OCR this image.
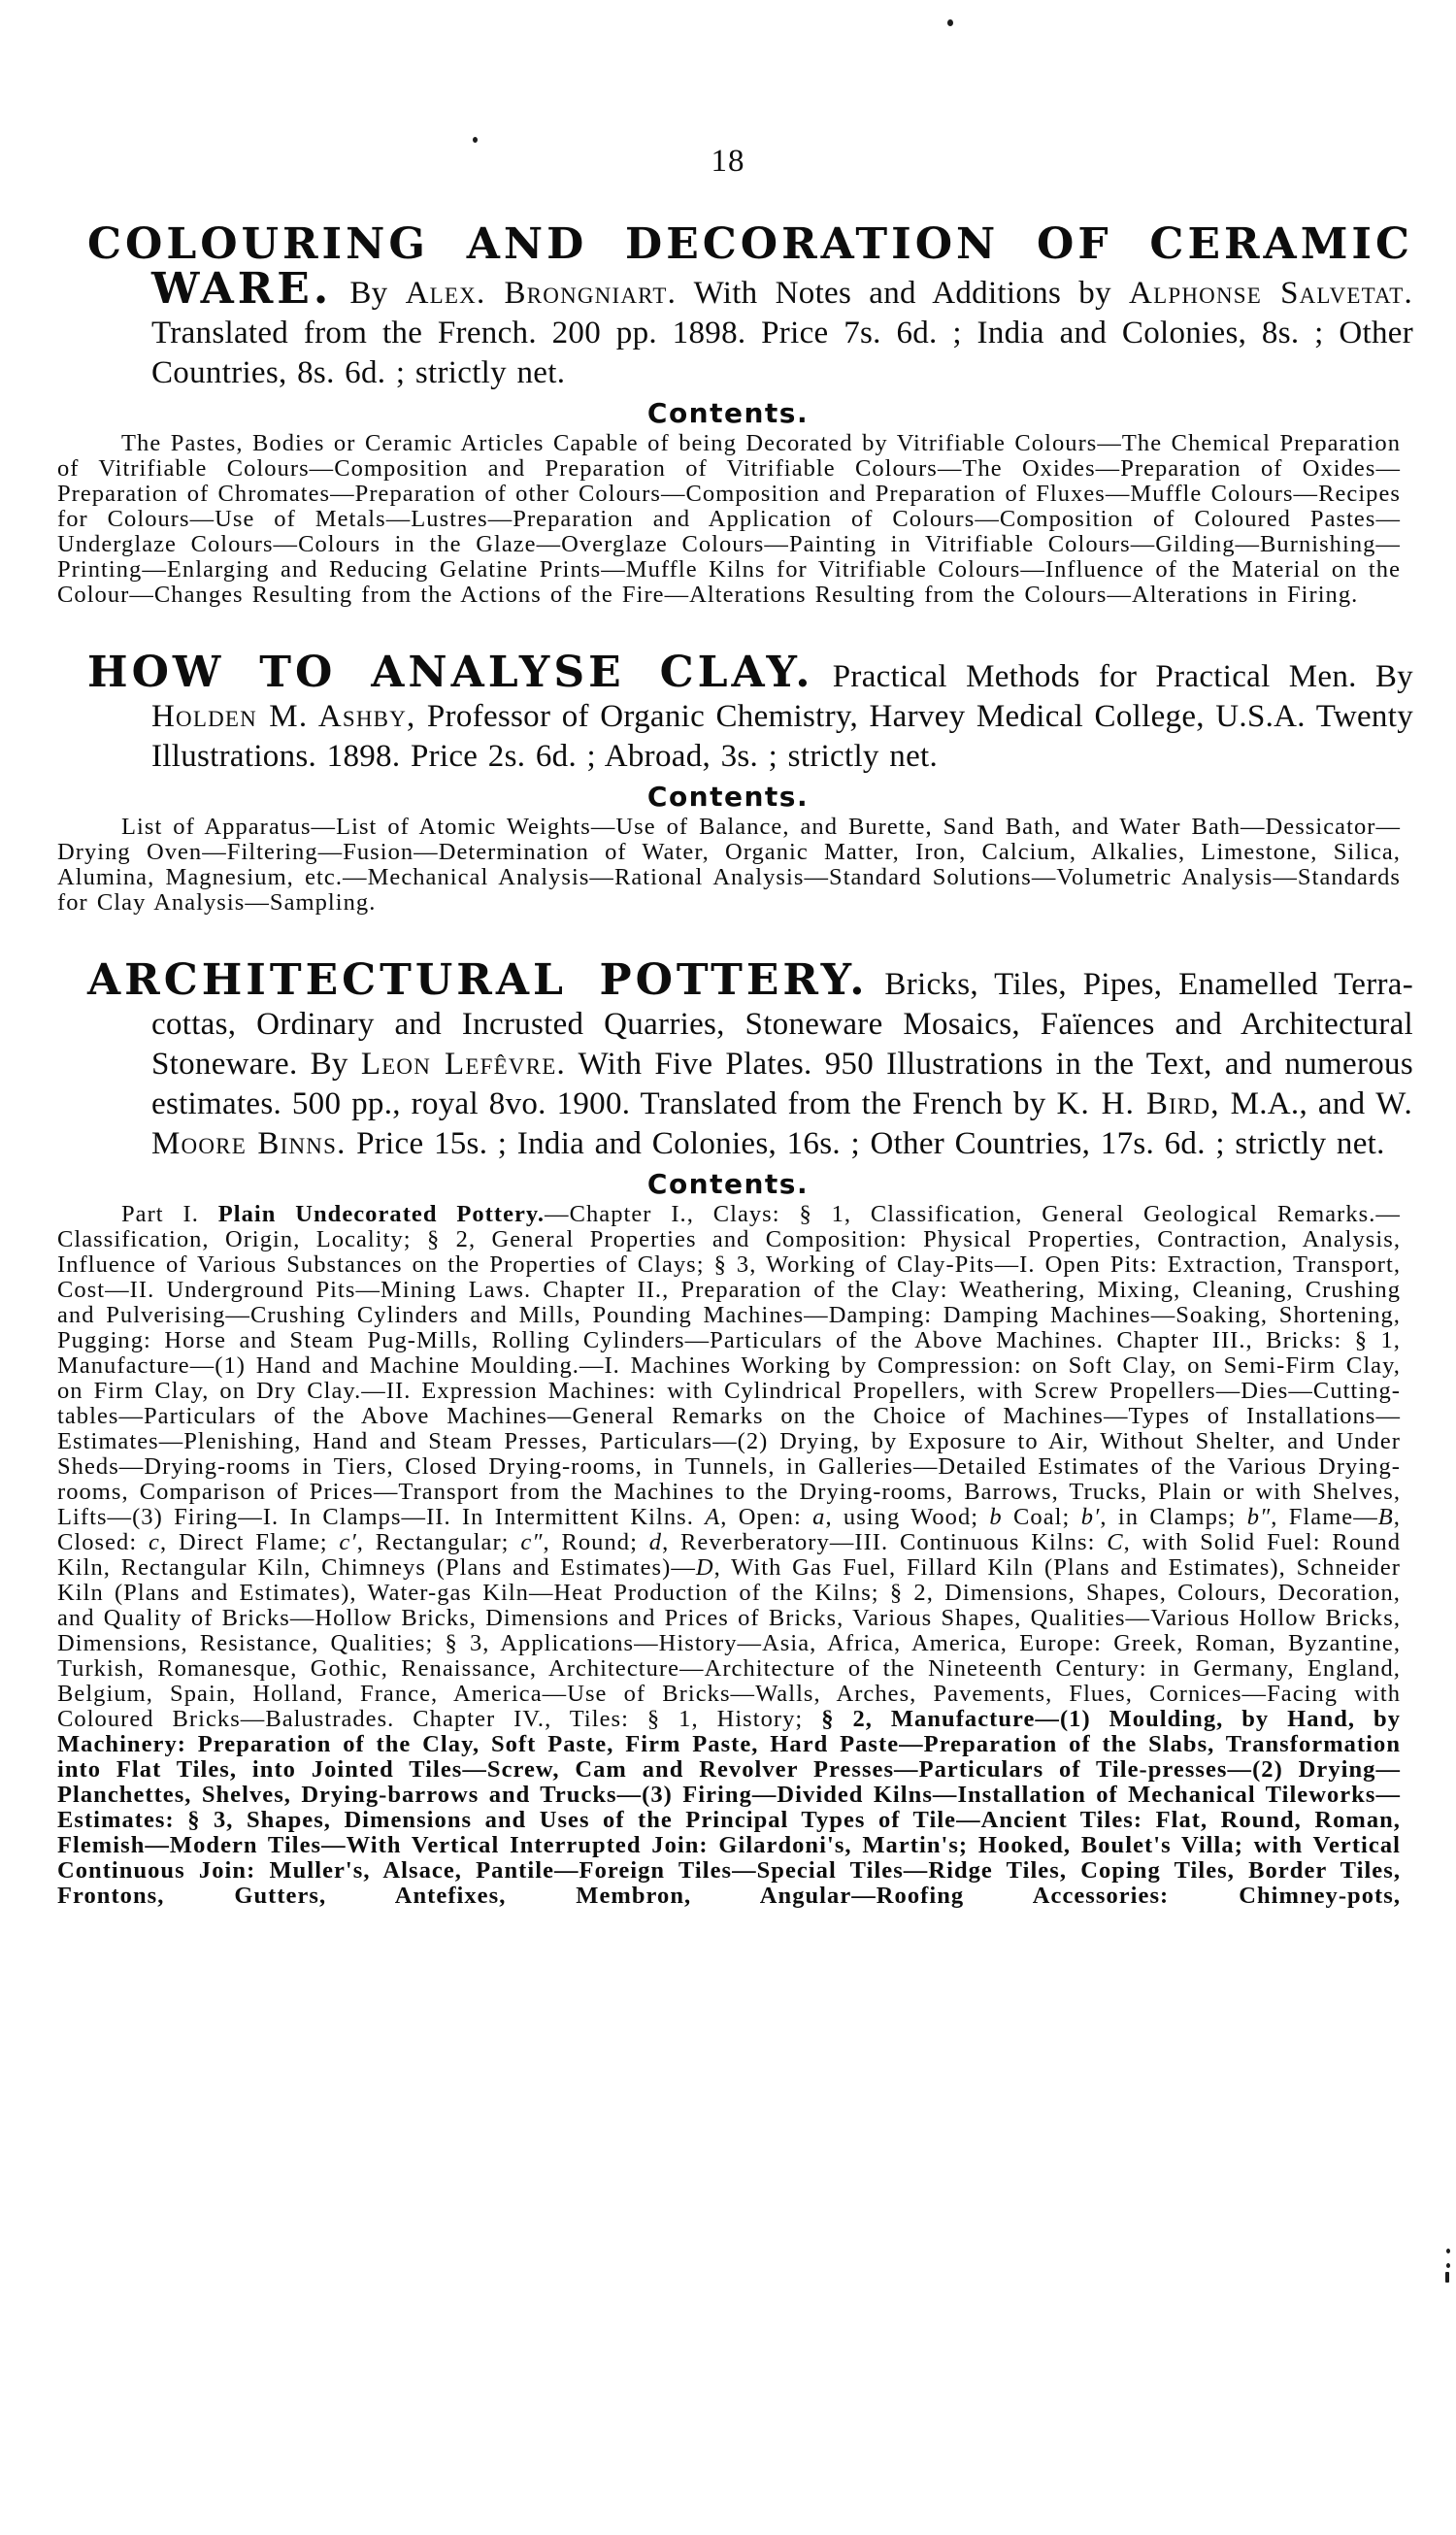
18

COLOURING AND DECORATION OF CERAMIC WARE. By Alex. Brongniart. With Notes and Additions by Alphonse Salvetat. Translated from the French. 200 pp. 1898. Price 7s. 6d. ; India and Colonies, 8s. ; Other Countries, 8s. 6d. ; strictly net.

Contents.

The Pastes, Bodies or Ceramic Articles Capable of being Decorated by Vitrifiable Colours—The Chemical Preparation of Vitrifiable Colours—Composition and Preparation of Vitrifiable Colours—The Oxides—Preparation of Oxides—Preparation of Chromates—Preparation of other Colours—Composition and Preparation of Fluxes—Muffle Colours—Recipes for Colours—Use of Metals—Lustres—Preparation and Application of Colours—Composition of Coloured Pastes—Underglaze Colours—Colours in the Glaze—Overglaze Colours—Painting in Vitrifiable Colours—Gilding—Burnishing—Printing—Enlarging and Reducing Gelatine Prints—Muffle Kilns for Vitrifiable Colours—Influence of the Material on the Colour—Changes Resulting from the Actions of the Fire—Alterations Resulting from the Colours—Alterations in Firing.

HOW TO ANALYSE CLAY. Practical Methods for Practical Men. By Holden M. Ashby, Professor of Organic Chemistry, Harvey Medical College, U.S.A. Twenty Illustrations. 1898. Price 2s. 6d. ; Abroad, 3s. ; strictly net.

Contents.

List of Apparatus—List of Atomic Weights—Use of Balance, and Burette, Sand Bath, and Water Bath—Dessicator—Drying Oven—Filtering—Fusion—Determination of Water, Organic Matter, Iron, Calcium, Alkalies, Limestone, Silica, Alumina, Magnesium, etc.—Mechanical Analysis—Rational Analysis—Standard Solutions—Volumetric Analysis—Standards for Clay Analysis—Sampling.

ARCHITECTURAL POTTERY. Bricks, Tiles, Pipes, Enamelled Terra-cottas, Ordinary and Incrusted Quarries, Stoneware Mosaics, Faïences and Architectural Stoneware. By Leon Lefêvre. With Five Plates. 950 Illustrations in the Text, and numerous estimates. 500 pp., royal 8vo. 1900. Translated from the French by K. H. Bird, M.A., and W. Moore Binns. Price 15s. ; India and Colonies, 16s. ; Other Countries, 17s. 6d. ; strictly net.

Contents.

Part I. Plain Undecorated Pottery.—Chapter I., Clays: § 1, Classification, General Geological Remarks.—Classification, Origin, Locality; § 2, General Properties and Composition: Physical Properties, Contraction, Analysis, Influence of Various Substances on the Properties of Clays; § 3, Working of Clay-Pits—I. Open Pits: Extraction, Transport, Cost—II. Underground Pits—Mining Laws. Chapter II., Preparation of the Clay: Weathering, Mixing, Cleaning, Crushing and Pulverising—Crushing Cylinders and Mills, Pounding Machines—Damping: Damping Machines—Soaking, Shortening, Pugging: Horse and Steam Pug-Mills, Rolling Cylinders—Particulars of the Above Machines. Chapter III., Bricks: § 1, Manufacture—(1) Hand and Machine Moulding.—I. Machines Working by Compression: on Soft Clay, on Semi-Firm Clay, on Firm Clay, on Dry Clay.—II. Expression Machines: with Cylindrical Propellers, with Screw Propellers—Dies—Cutting-tables—Particulars of the Above Machines—General Remarks on the Choice of Machines—Types of Installations—Estimates—Plenishing, Hand and Steam Presses, Particulars—(2) Drying, by Exposure to Air, Without Shelter, and Under Sheds—Drying-rooms in Tiers, Closed Drying-rooms, in Tunnels, in Galleries—Detailed Estimates of the Various Drying-rooms, Comparison of Prices—Transport from the Machines to the Drying-rooms, Barrows, Trucks, Plain or with Shelves, Lifts—(3) Firing—I. In Clamps—II. In Intermittent Kilns. A, Open: a, using Wood; b Coal; b′, in Clamps; b″, Flame—B, Closed: c, Direct Flame; c′, Rectangular; c″, Round; d, Reverberatory—III. Continuous Kilns: C, with Solid Fuel: Round Kiln, Rectangular Kiln, Chimneys (Plans and Estimates)—D, With Gas Fuel, Fillard Kiln (Plans and Estimates), Schneider Kiln (Plans and Estimates), Water-gas Kiln—Heat Production of the Kilns; § 2, Dimensions, Shapes, Colours, Decoration, and Quality of Bricks—Hollow Bricks, Dimensions and Prices of Bricks, Various Shapes, Qualities—Various Hollow Bricks, Dimensions, Resistance, Qualities; § 3, Applications—History—Asia, Africa, America, Europe: Greek, Roman, Byzantine, Turkish, Romanesque, Gothic, Renaissance, Architecture—Architecture of the Nineteenth Century: in Germany, England, Belgium, Spain, Holland, France, America—Use of Bricks—Walls, Arches, Pavements, Flues, Cornices—Facing with Coloured Bricks—Balustrades. Chapter IV., Tiles: § 1, History; § 2, Manufacture—(1) Moulding, by Hand, by Machinery: Preparation of the Clay, Soft Paste, Firm Paste, Hard Paste—Preparation of the Slabs, Transformation into Flat Tiles, into Jointed Tiles—Screw, Cam and Revolver Presses—Particulars of Tile-presses—(2) Drying—Planchettes, Shelves, Drying-barrows and Trucks—(3) Firing—Divided Kilns—Installation of Mechanical Tileworks—Estimates: § 3, Shapes, Dimensions and Uses of the Principal Types of Tile—Ancient Tiles: Flat, Round, Roman, Flemish—Modern Tiles—With Vertical Interrupted Join: Gilardoni's, Martin's; Hooked, Boulet's Villa; with Vertical Continuous Join: Muller's, Alsace, Pantile—Foreign Tiles—Special Tiles—Ridge Tiles, Coping Tiles, Border Tiles, Frontons, Gutters, Antefixes, Membron, Angular—Roofing Accessories: Chimney-pots,
